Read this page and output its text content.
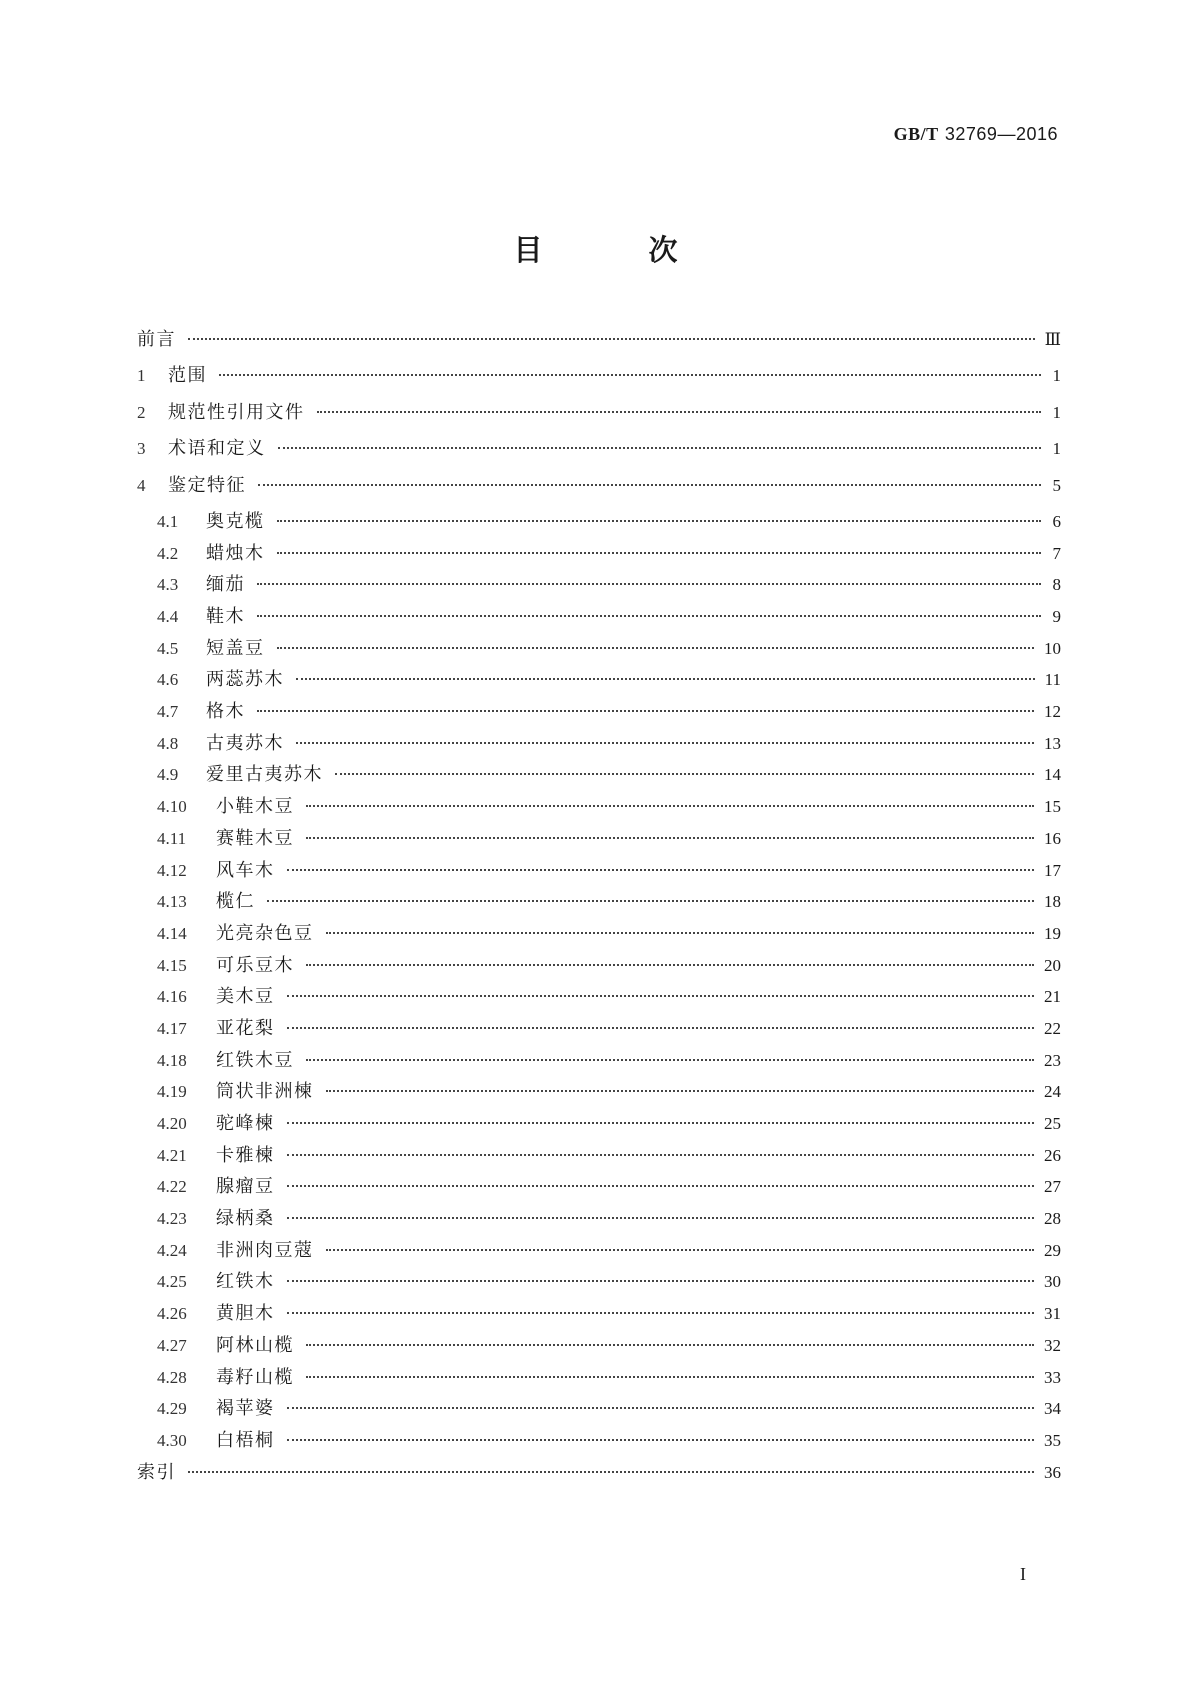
GB/T 32769—2016
目 次
前言	Ⅲ
1	范围	1
2	规范性引用文件	1
3	术语和定义	1
4	鉴定特征	5
4.1	奥克榄	6
4.2	蜡烛木	7
4.3	缅茄	8
4.4	鞋木	9
4.5	短盖豆	10
4.6	两蕊苏木	11
4.7	格木	12
4.8	古夷苏木	13
4.9	爱里古夷苏木	14
4.10	小鞋木豆	15
4.11	赛鞋木豆	16
4.12	风车木	17
4.13	榄仁	18
4.14	光亮杂色豆	19
4.15	可乐豆木	20
4.16	美木豆	21
4.17	亚花梨	22
4.18	红铁木豆	23
4.19	筒状非洲楝	24
4.20	驼峰楝	25
4.21	卡雅楝	26
4.22	腺瘤豆	27
4.23	绿柄桑	28
4.24	非洲肉豆蔻	29
4.25	红铁木	30
4.26	黄胆木	31
4.27	阿林山榄	32
4.28	毒籽山榄	33
4.29	褐苹婆	34
4.30	白梧桐	35
索引	36
I
